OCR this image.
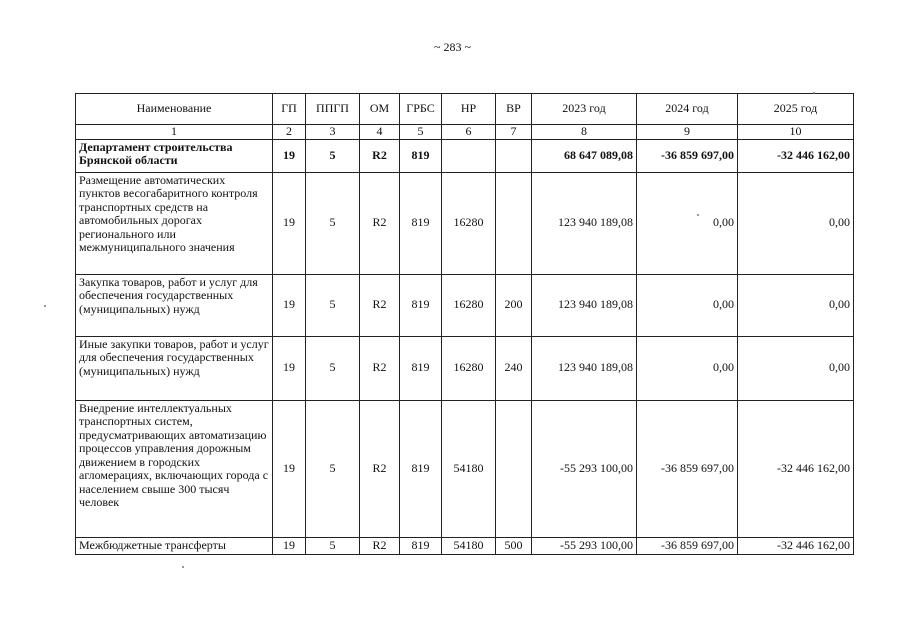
~ 283 ~
Наименование	ГП	ППГП	ОМ	ГРБС	НР	ВР	2023 год	2024 год	2025 год
1	2	3	4	5	6	7	8	9	10
Департамент строительства Брянской области	19	5	R2	819			68 647 089,08	-36 859 697,00	-32 446 162,00
Размещение автоматических пунктов весогабаритного контроля транспортных средств на автомобильных дорогах регионального или межмуниципального значения	19	5	R2	819	16280		123 940 189,08	0,00	0,00
Закупка товаров, работ и услуг для обеспечения государственных (муниципальных) нужд	19	5	R2	819	16280	200	123 940 189,08	0,00	0,00
Иные закупки товаров, работ и услуг для обеспечения государственных (муниципальных) нужд	19	5	R2	819	16280	240	123 940 189,08	0,00	0,00
Внедрение интеллектуальных транспортных систем, предусматривающих автоматизацию процессов управления дорожным движением в городских агломерациях, включающих города с населением свыше 300 тысяч человек	19	5	R2	819	54180		-55 293 100,00	-36 859 697,00	-32 446 162,00
Межбюджетные трансферты	19	5	R2	819	54180	500	-55 293 100,00	-36 859 697,00	-32 446 162,00
